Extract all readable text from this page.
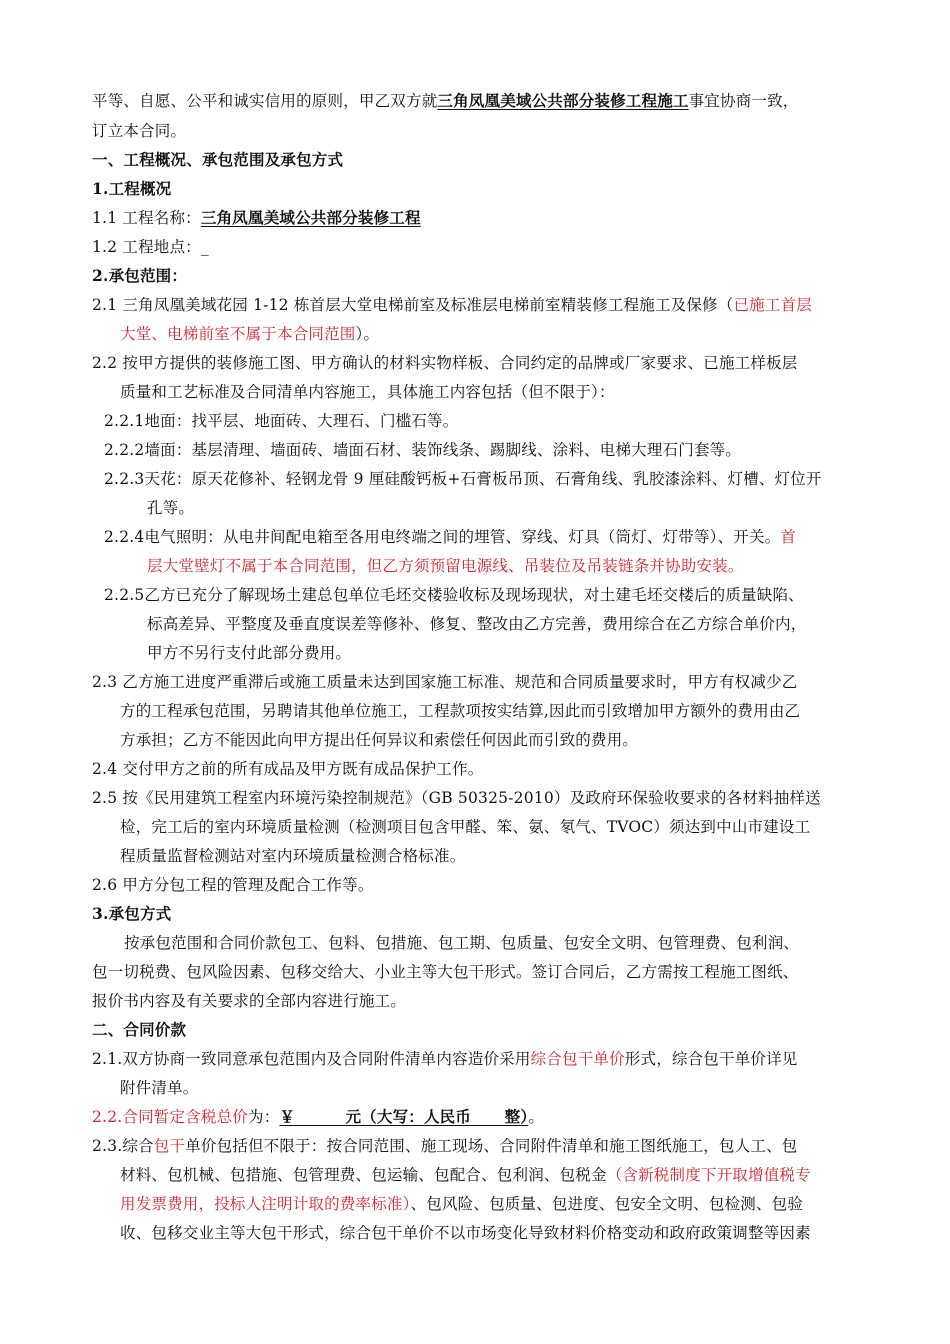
平等、自愿、公平和诚实信用的原则，甲乙双方就三角凤凰美域公共部分装修工程施工事宜协商一致，
订立本合同。
一、工程概况、承包范围及承包方式
1.工程概况
1.1 工程名称：三角凤凰美域公共部分装修工程
1.2 工程地点：_
2.承包范围：
2.1 三角凤凰美域花园 1-12 栋首层大堂电梯前室及标准层电梯前室精装修工程施工及保修（已施工首层
大堂、电梯前室不属于本合同范围）。
2.2 按甲方提供的装修施工图、甲方确认的材料实物样板、合同约定的品牌或厂家要求、已施工样板层
质量和工艺标准及合同清单内容施工，具体施工内容包括（但不限于）：
2.2.1地面：找平层、地面砖、大理石、门槛石等。
2.2.2墙面：基层清理、墙面砖、墙面石材、装饰线条、踢脚线、涂料、电梯大理石门套等。
2.2.3天花：原天花修补、轻钢龙骨 9 厘硅酸钙板+石膏板吊顶、石膏角线、乳胶漆涂料、灯槽、灯位开
孔等。
2.2.4电气照明：从电井间配电箱至各用电终端之间的埋管、穿线、灯具（筒灯、灯带等）、开关。首
层大堂壁灯不属于本合同范围，但乙方须预留电源线、吊装位及吊装链条并协助安装。
2.2.5乙方已充分了解现场土建总包单位毛坯交楼验收标及现场现状，对土建毛坯交楼后的质量缺陷、
标高差异、平整度及垂直度误差等修补、修复、整改由乙方完善，费用综合在乙方综合单价内，
甲方不另行支付此部分费用。
2.3 乙方施工进度严重滞后或施工质量未达到国家施工标准、规范和合同质量要求时，甲方有权减少乙
方的工程承包范围，另聘请其他单位施工，工程款项按实结算,因此而引致增加甲方额外的费用由乙
方承担；乙方不能因此向甲方提出任何异议和索偿任何因此而引致的费用。
2.4 交付甲方之前的所有成品及甲方既有成品保护工作。
2.5 按《民用建筑工程室内环境污染控制规范》（GB 50325-2010）及政府环保验收要求的各材料抽样送
检，完工后的室内环境质量检测（检测项目包含甲醛、笨、氨、氡气、TVOC）须达到中山市建设工
程质量监督检测站对室内环境质量检测合格标准。
2.6 甲方分包工程的管理及配合工作等。
3.承包方式
按承包范围和合同价款包工、包料、包措施、包工期、包质量、包安全文明、包管理费、包利润、
包一切税费、包风险因素、包移交给大、小业主等大包干形式。签订合同后，乙方需按工程施工图纸、
报价书内容及有关要求的全部内容进行施工。
二、合同价款
2.1.双方协商一致同意承包范围内及合同附件清单内容造价采用综合包干单价形式，综合包干单价详见
附件清单。
2.2.合同暂定含税总价为：￥         元（大写：人民币      整）。
2.3.综合包干单价包括但不限于：按合同范围、施工现场、合同附件清单和施工图纸施工，包人工、包
材料、包机械、包措施、包管理费、包运输、包配合、包利润、包税金（含新税制度下开取增值税专
用发票费用，投标人注明计取的费率标准）、包风险、包质量、包进度、包安全文明、包检测、包验
收、包移交业主等大包干形式，综合包干单价不以市场变化导致材料价格变动和政府政策调整等因素
